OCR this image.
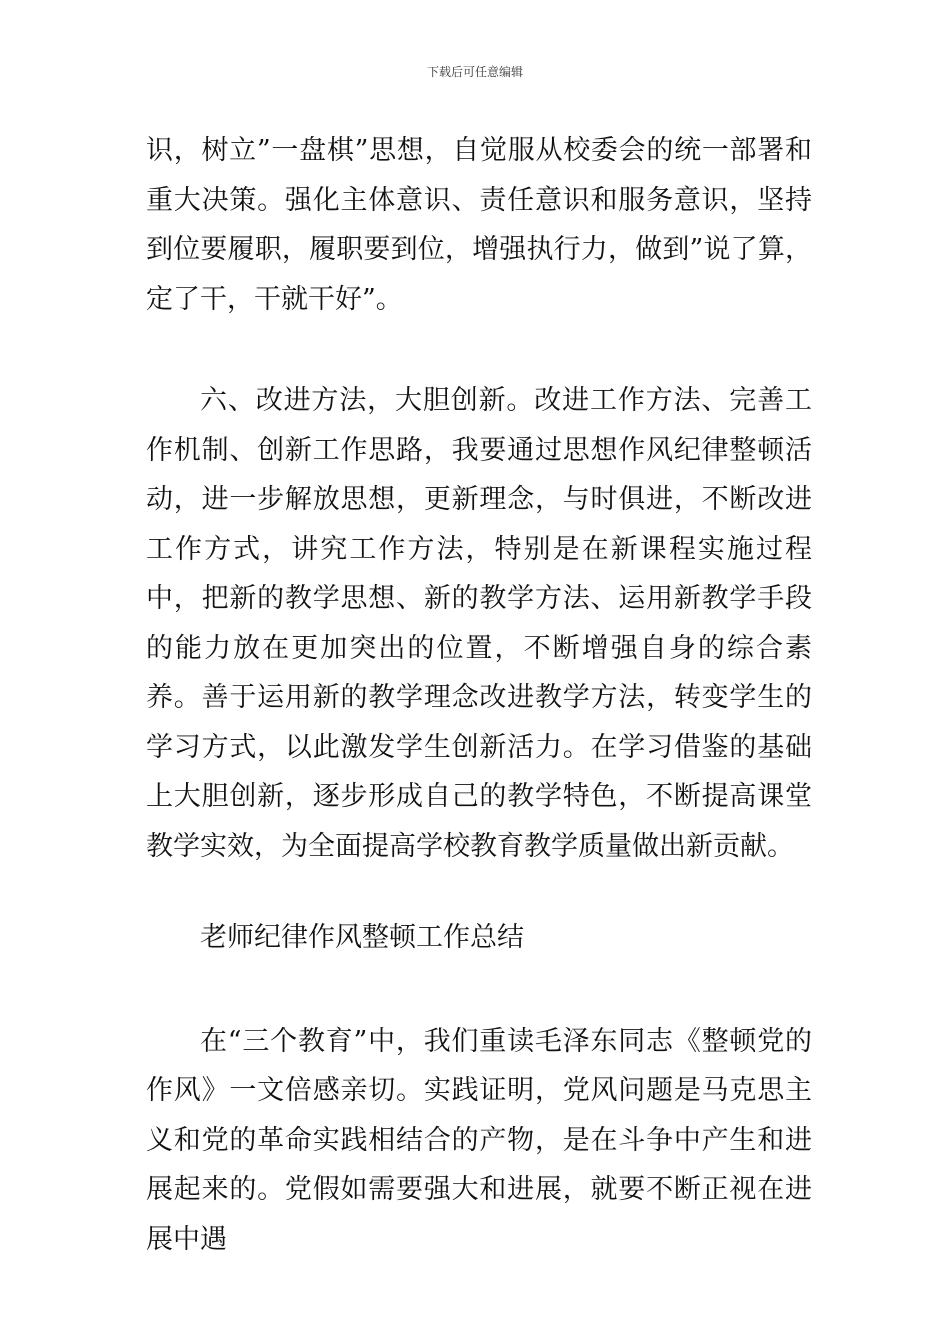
下载后可任意编辑

识，树立”一盘棋”思想，自觉服从校委会的统一部署和重大决策。强化主体意识、责任意识和服务意识，坚持到位要履职，履职要到位，增强执行力，做到”说了算，定了干，干就干好”。

六、改进方法，大胆创新。改进工作方法、完善工作机制、创新工作思路，我要通过思想作风纪律整顿活动，进一步解放思想，更新理念，与时俱进，不断改进工作方式，讲究工作方法，特别是在新课程实施过程中，把新的教学思想、新的教学方法、运用新教学手段的能力放在更加突出的位置，不断增强自身的综合素养。善于运用新的教学理念改进教学方法，转变学生的学习方式，以此激发学生创新活力。在学习借鉴的基础上大胆创新，逐步形成自己的教学特色，不断提高课堂教学实效，为全面提高学校教育教学质量做出新贡献。

老师纪律作风整顿工作总结

在“三个教育”中，我们重读毛泽东同志《整顿党的作风》一文倍感亲切。实践证明，党风问题是马克思主义和党的革命实践相结合的产物，是在斗争中产生和进展起来的。党假如需要强大和进展，就要不断正视在进展中遇
